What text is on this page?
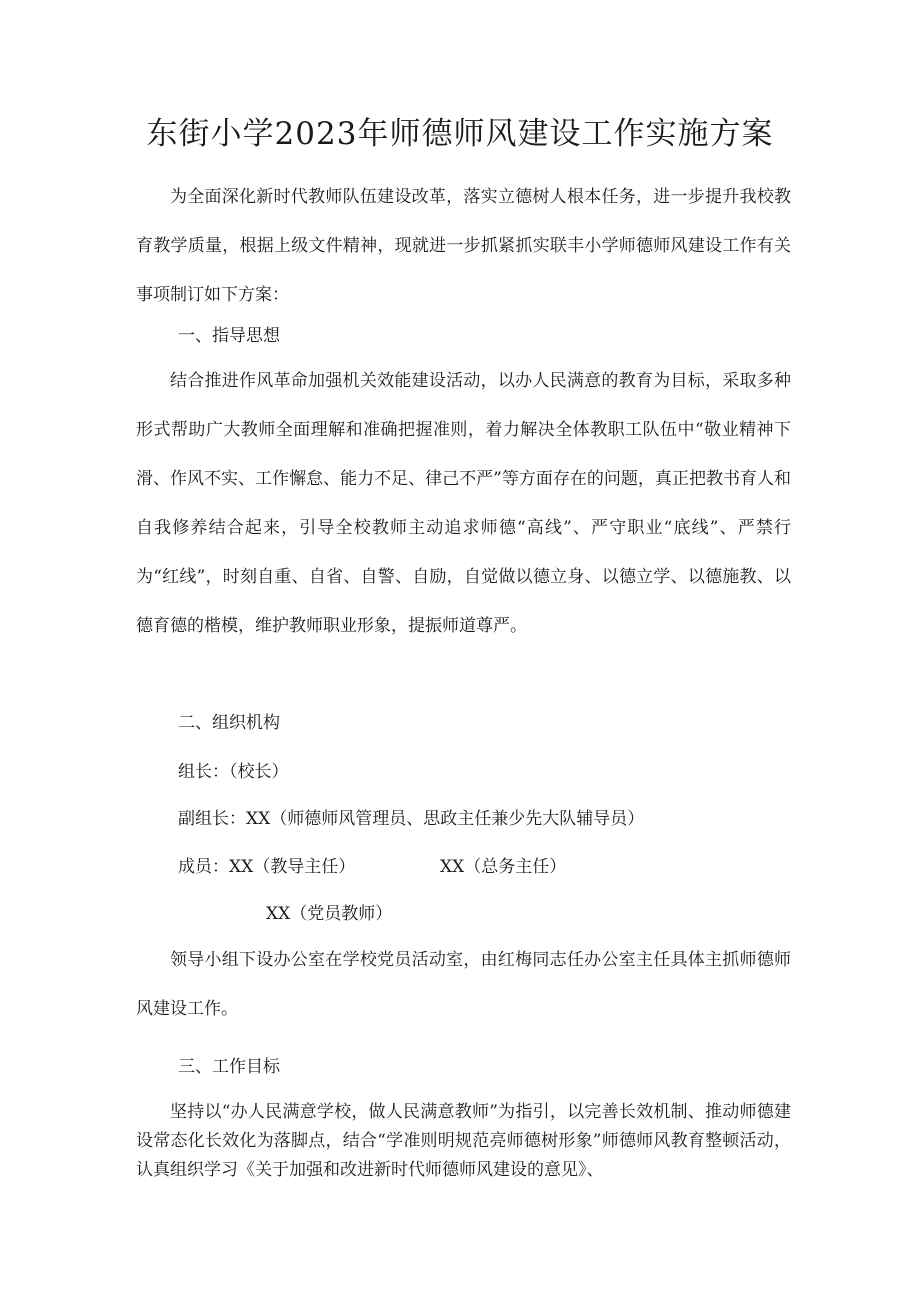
东街小学2023年师德师风建设工作实施方案

为全面深化新时代教师队伍建设改革，落实立德树人根本任务，进一步提升我校教育教学质量，根据上级文件精神，现就进一步抓紧抓实联丰小学师德师风建设工作有关事项制订如下方案：

一、指导思想

结合推进作风革命加强机关效能建设活动，以办人民满意的教育为目标，采取多种形式帮助广大教师全面理解和准确把握准则，着力解决全体教职工队伍中“敬业精神下滑、作风不实、工作懈怠、能力不足、律己不严”等方面存在的问题，真正把教书育人和自我修养结合起来，引导全校教师主动追求师德“高线”、严守职业“底线”、严禁行为“红线”，时刻自重、自省、自警、自励，自觉做以德立身、以德立学、以德施教、以德育德的楷模，维护教师职业形象，提振师道尊严。

二、组织机构
组长：（校长）
副组长：XX（师德师风管理员、思政主任兼少先大队辅导员）
成员：XX（教导主任）	XX（总务主任）
XX（党员教师）

领导小组下设办公室在学校党员活动室，由红梅同志任办公室主任具体主抓师德师风建设工作。

三、工作目标

坚持以“办人民满意学校，做人民满意教师”为指引，以完善长效机制、推动师德建设常态化长效化为落脚点，结合“学准则明规范亮师德树形象”师德师风教育整顿活动，认真组织学习《关于加强和改进新时代师德师风建设的意见》、
